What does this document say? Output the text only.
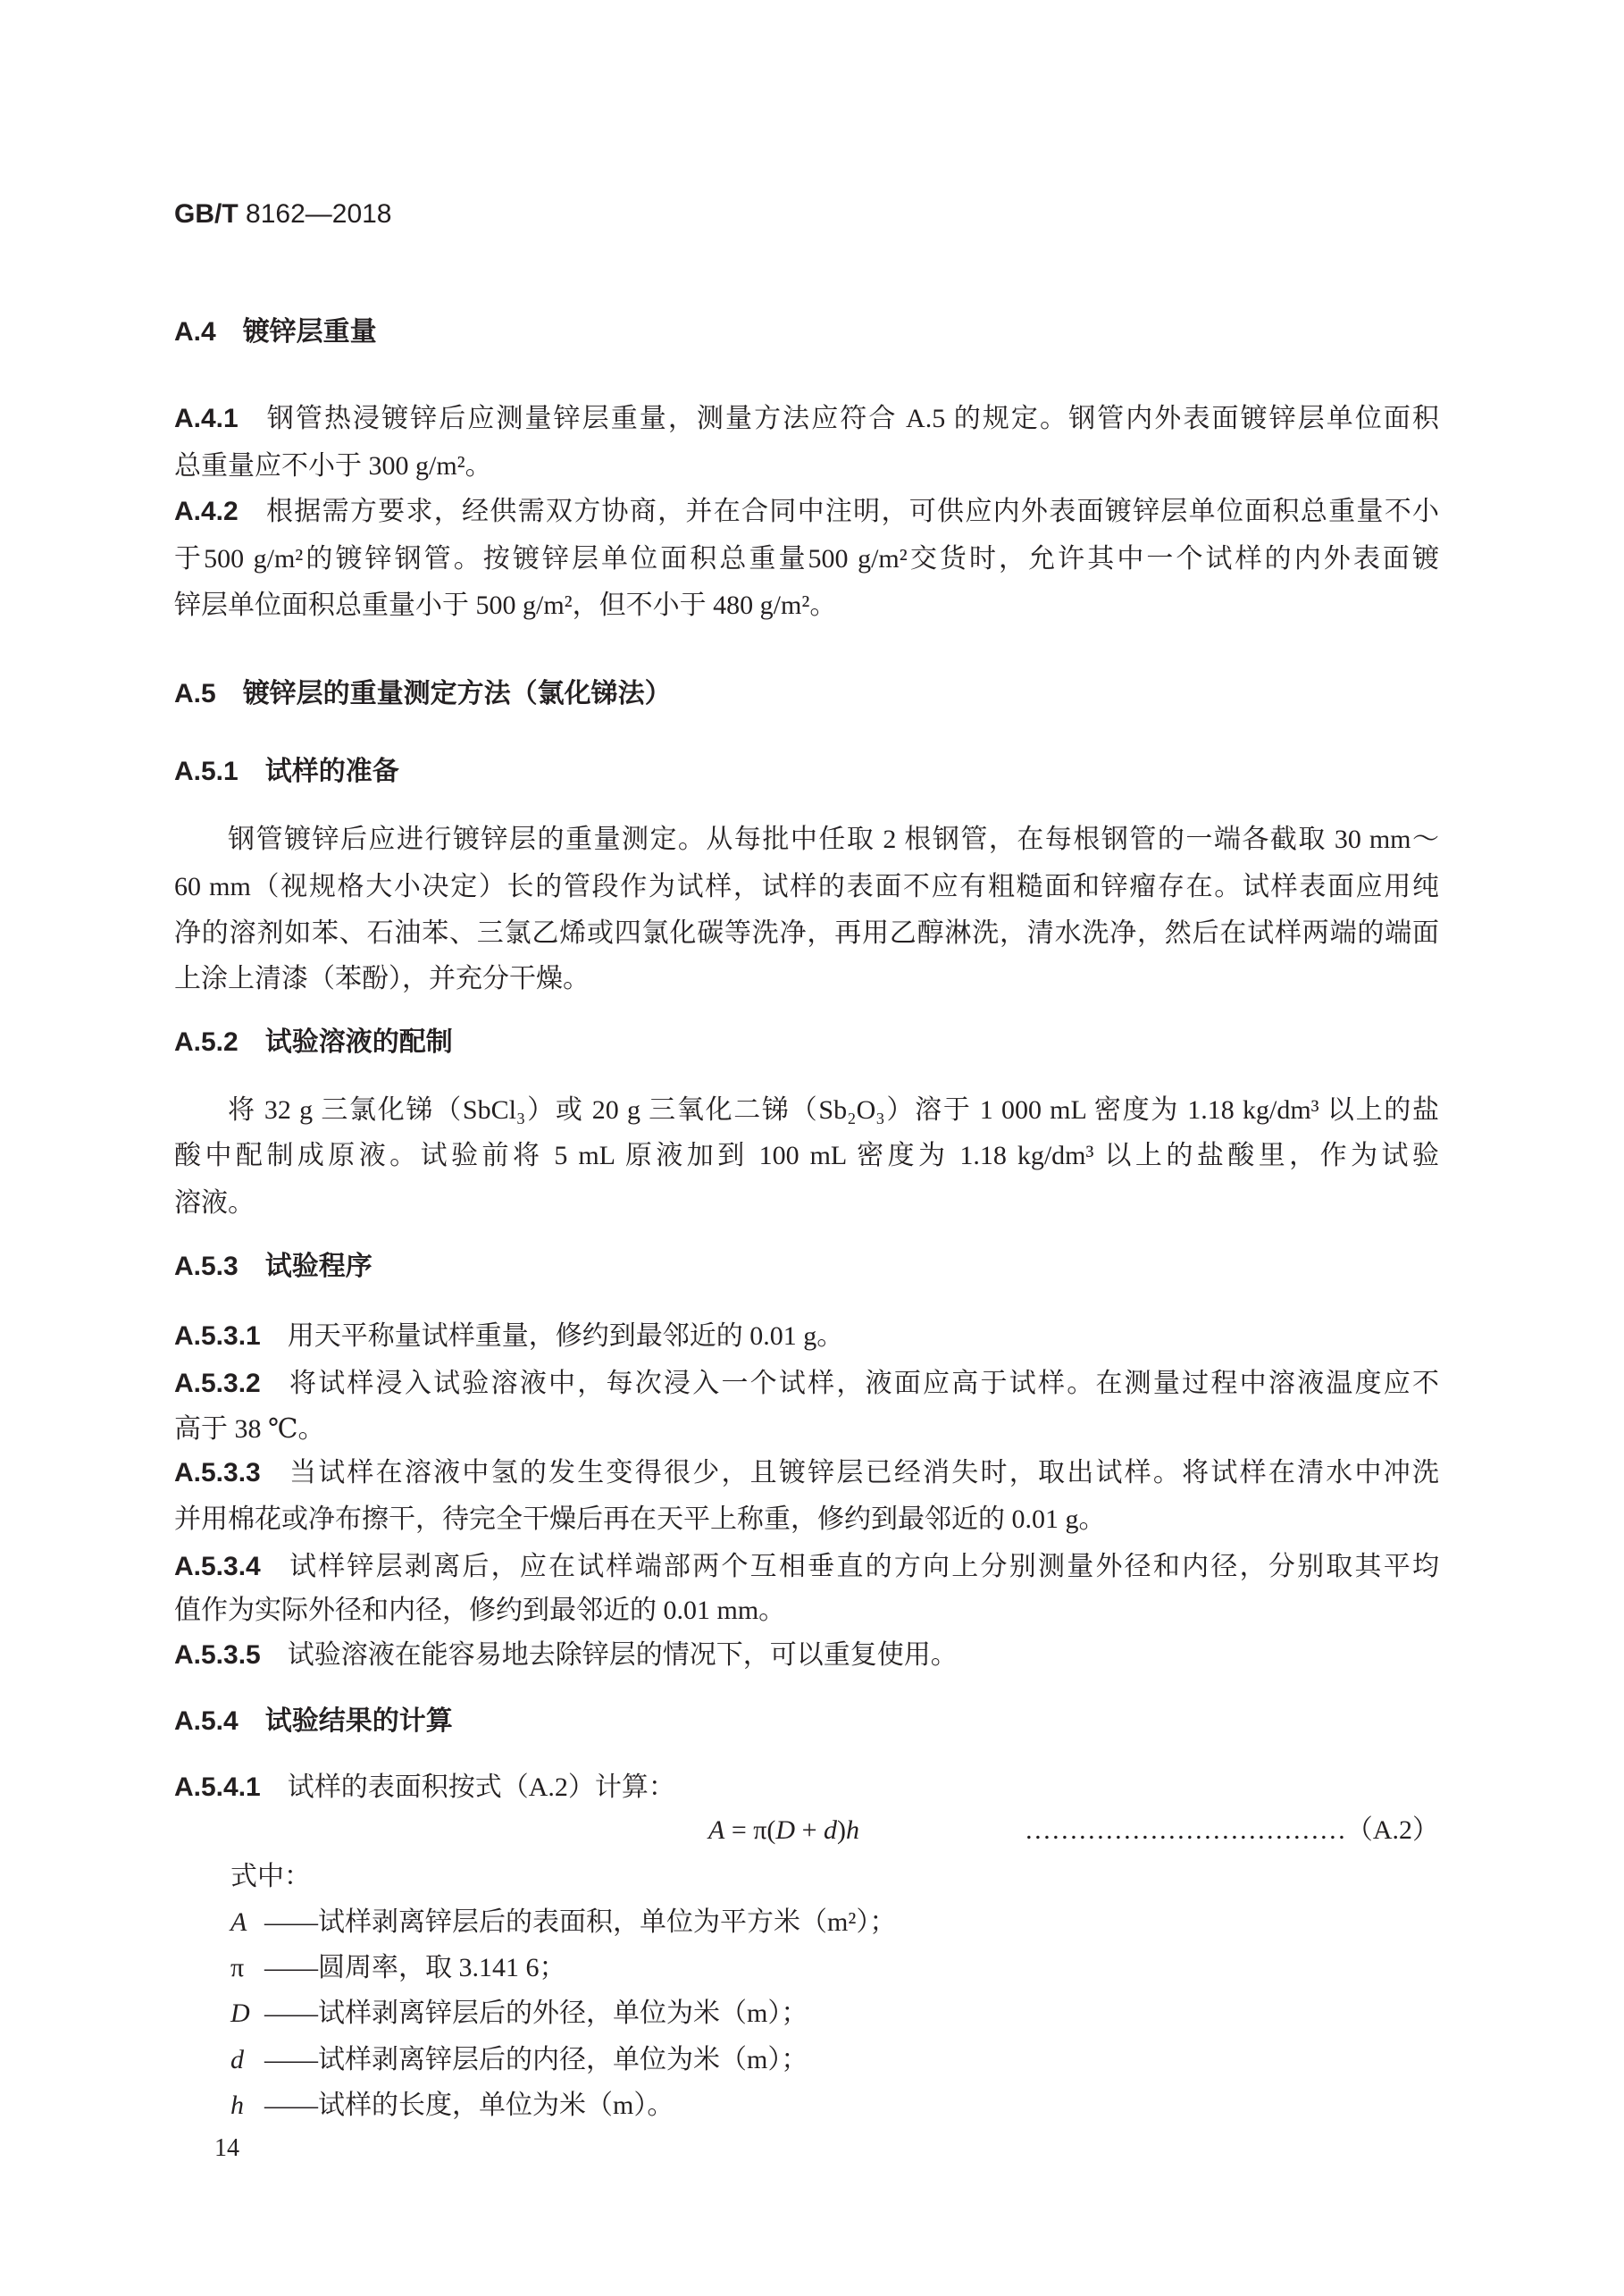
GB/T 8162—2018
A.4 镀锌层重量
A.4.1 钢管热浸镀锌后应测量锌层重量，测量方法应符合 A.5 的规定。钢管内外表面镀锌层单位面积
总重量应不小于 300 g/m²。
A.4.2 根据需方要求，经供需双方协商，并在合同中注明，可供应内外表面镀锌层单位面积总重量不小
于500 g/m²的镀锌钢管。按镀锌层单位面积总重量500 g/m²交货时，允许其中一个试样的内外表面镀
锌层单位面积总重量小于 500 g/m²，但不小于 480 g/m²。
A.5 镀锌层的重量测定方法（氯化锑法）
A.5.1 试样的准备
钢管镀锌后应进行镀锌层的重量测定。从每批中任取 2 根钢管，在每根钢管的一端各截取 30 mm～
60 mm（视规格大小决定）长的管段作为试样，试样的表面不应有粗糙面和锌瘤存在。试样表面应用纯
净的溶剂如苯、石油苯、三氯乙烯或四氯化碳等洗净，再用乙醇淋洗，清水洗净，然后在试样两端的端面
上涂上清漆（苯酚），并充分干燥。
A.5.2 试验溶液的配制
将 32 g 三氯化锑（SbCl₃）或 20 g 三氧化二锑（Sb₂O₃）溶于 1 000 mL 密度为 1.18 kg/dm³ 以上的盐
酸中配制成原液。试验前将 5 mL 原液加到 100 mL 密度为 1.18 kg/dm³ 以上的盐酸里，作为试验
溶液。
A.5.3 试验程序
A.5.3.1 用天平称量试样重量，修约到最邻近的 0.01 g。
A.5.3.2 将试样浸入试验溶液中，每次浸入一个试样，液面应高于试样。在测量过程中溶液温度应不
高于 38 ℃。
A.5.3.3 当试样在溶液中氢的发生变得很少，且镀锌层已经消失时，取出试样。将试样在清水中冲洗
并用棉花或净布擦干，待完全干燥后再在天平上称重，修约到最邻近的 0.01 g。
A.5.3.4 试样锌层剥离后，应在试样端部两个互相垂直的方向上分别测量外径和内径，分别取其平均
值作为实际外径和内径，修约到最邻近的 0.01 mm。
A.5.3.5 试验溶液在能容易地去除锌层的情况下，可以重复使用。
A.5.4 试验结果的计算
A.5.4.1 试样的表面积按式（A.2）计算：
A = π(D + d)h	………………………………（A.2）
式中：
A ——试样剥离锌层后的表面积，单位为平方米（m²）；
π ——圆周率，取 3.141 6；
D ——试样剥离锌层后的外径，单位为米（m）；
d ——试样剥离锌层后的内径，单位为米（m）；
h ——试样的长度，单位为米（m）。
14
